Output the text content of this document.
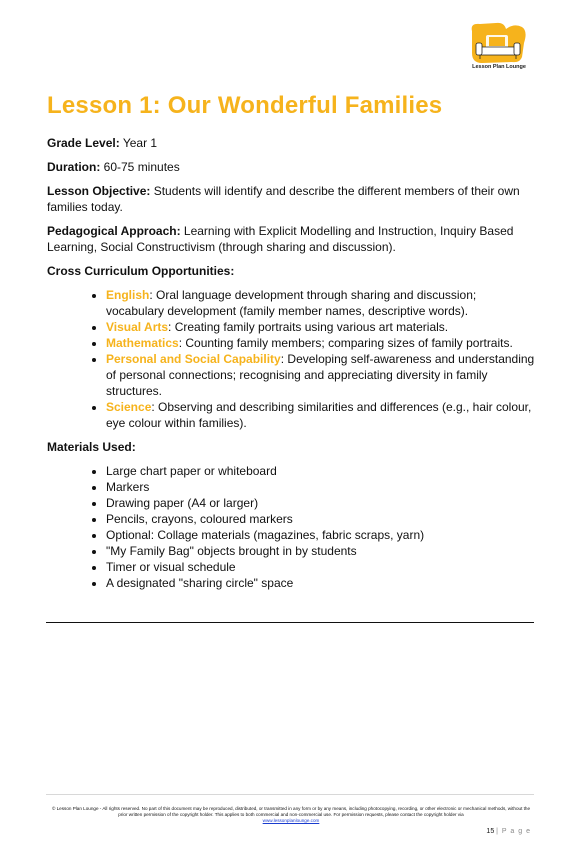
Lesson Plan Lounge
Lesson 1: Our Wonderful Families

Grade Level: Year 1

Duration: 60-75 minutes

Lesson Objective: Students will identify and describe the different members of their own families today.

Pedagogical Approach: Learning with Explicit Modelling and Instruction, Inquiry Based Learning, Social Constructivism (through sharing and discussion).

Cross Curriculum Opportunities:
• English: Oral language development through sharing and discussion; vocabulary development (family member names, descriptive words).
• Visual Arts: Creating family portraits using various art materials.
• Mathematics: Counting family members; comparing sizes of family portraits.
• Personal and Social Capability: Developing self-awareness and understanding of personal connections; recognising and appreciating diversity in family structures.
• Science: Observing and describing similarities and differences (e.g., hair colour, eye colour within families).
Materials Used:
• Large chart paper or whiteboard
• Markers
• Drawing paper (A4 or larger)
• Pencils, crayons, coloured markers
• Optional: Collage materials (magazines, fabric scraps, yarn)
• "My Family Bag" objects brought in by students
• Timer or visual schedule
• A designated "sharing circle" space
© Lesson Plan Lounge - All rights reserved. No part of this document may be reproduced, distributed, or transmitted in any form or by any means, including photocopying, recording, or other electronic or mechanical methods, without the prior written permission of the copyright holder. This applies to both commercial and non-commercial use. For permission requests, please contact the copyright holder via
www.lessonplanlounge.com
15 | P a g e
